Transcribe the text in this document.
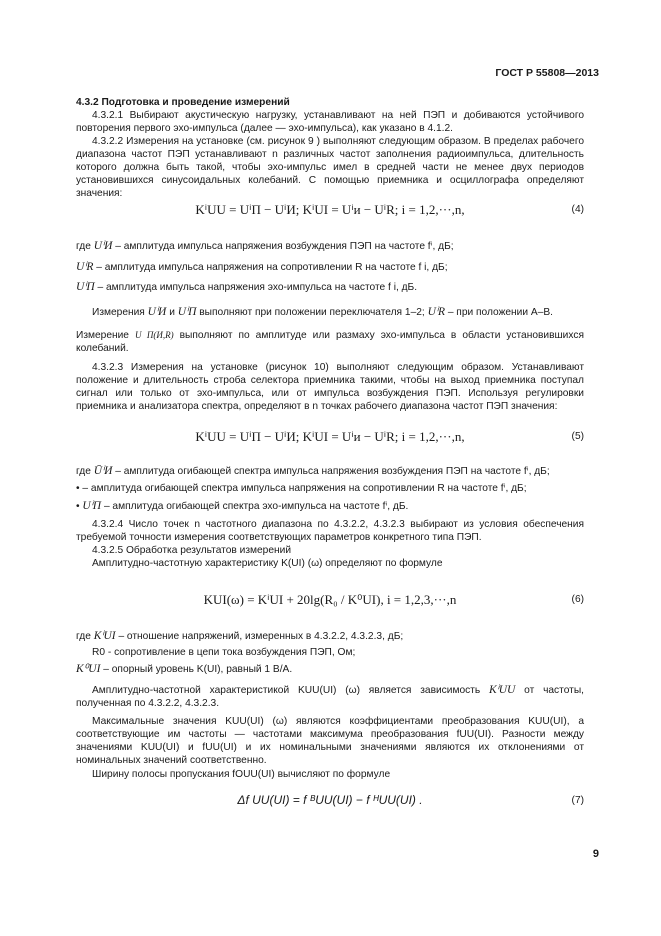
ГОСТ Р 55808—2013
4.3.2 Подготовка и проведение измерений
4.3.2.1 Выбирают акустическую нагрузку, устанавливают на ней ПЭП и добиваются устойчивого повторения первого эхо-импульса (далее — эхо-импульса), как указано в 4.1.2.
4.3.2.2 Измерения на установке (см. рисунок 9 ) выполняют следующим образом. В пределах рабочего диапазона частот ПЭП устанавливают n различных частот заполнения радиоимпульса, длительность которого должна быть такой, чтобы эхо-импульс имел в средней части не менее двух периодов установившихся синусоидальных колебаний. С помощью приемника и осциллографа определяют значения:
KⁱUU = UⁱП − UⁱИ; KⁱUI = Uⁱи − UⁱR; i = 1,2,···,n,	(4)
где UⁱИ – амплитуда импульса напряжения возбуждения ПЭП на частоте fⁱ, дБ;
UⁱR – амплитуда импульса напряжения на сопротивлении R на частоте f i, дБ;
UⁱП – амплитуда импульса напряжения эхо-импульса на частоте f i, дБ.
Измерения UⁱИ и UⁱП выполняют при положении переключателя 1–2; UⁱR – при положении А–В.
Измерение U П(И,R) выполняют по амплитуде или размаху эхо-импульса в области установившихся колебаний.
4.3.2.3 Измерения на установке (рисунок 10) выполняют следующим образом. Устанавливают положение и длительность строба селектора приемника такими, чтобы на выход приемника поступал сигнал или только от эхо-импульса, или от импульса возбуждения ПЭП. Используя регулировки приемника и анализатора спектра, определяют в n точках рабочего диапазона частот ПЭП значения:
KⁱUU = UⁱП − UⁱИ; KⁱUI = Uⁱи − UⁱR; i = 1,2,···,n,	(5)
где ŪⁱИ – амплитуда огибающей спектра импульса напряжения возбуждения ПЭП на частоте fⁱ, дБ;
• – амплитуда огибающей спектра импульса напряжения на сопротивлении R на частоте fⁱ, дБ;
• UⁱП – амплитуда огибающей спектра эхо-импульса на частоте fⁱ, дБ.
4.3.2.4 Число точек n частотного диапазона по 4.3.2.2, 4.3.2.3 выбирают из условия обеспечения требуемой точности измерения соответствующих параметров конкретного типа ПЭП.
4.3.2.5 Обработка результатов измерений
Амплитудно-частотную характеристику K(UI) (ω) определяют по формуле
KUI(ω) = KⁱUI + 20lg(R₀ / K⁰UI), i = 1,2,3,···,n	(6)
где KⁱUI – отношение напряжений, измеренных в 4.3.2.2, 4.3.2.3, дБ;
R0 - сопротивление в цепи тока возбуждения ПЭП, Ом;
K⁰UI – опорный уровень K(UI), равный 1 В/А.
Амплитудно-частотной характеристикой KUU(UI) (ω) является зависимость KⁱUU от частоты, полученная по 4.3.2.2, 4.3.2.3.
Максимальные значения KUU(UI) (ω) являются коэффициентами преобразования KUU(UI), а соответствующие им частоты — частотами максимума преобразования fUU(UI). Разности между значениями KUU(UI) и fUU(UI) и их номинальными значениями являются их отклонениями от номинальных значений соответственно.
Ширину полосы пропускания fOUU(UI) вычисляют по формуле
Δf UU(UI) = f ᴮUU(UI) − f ᴴUU(UI) .	(7)
9
